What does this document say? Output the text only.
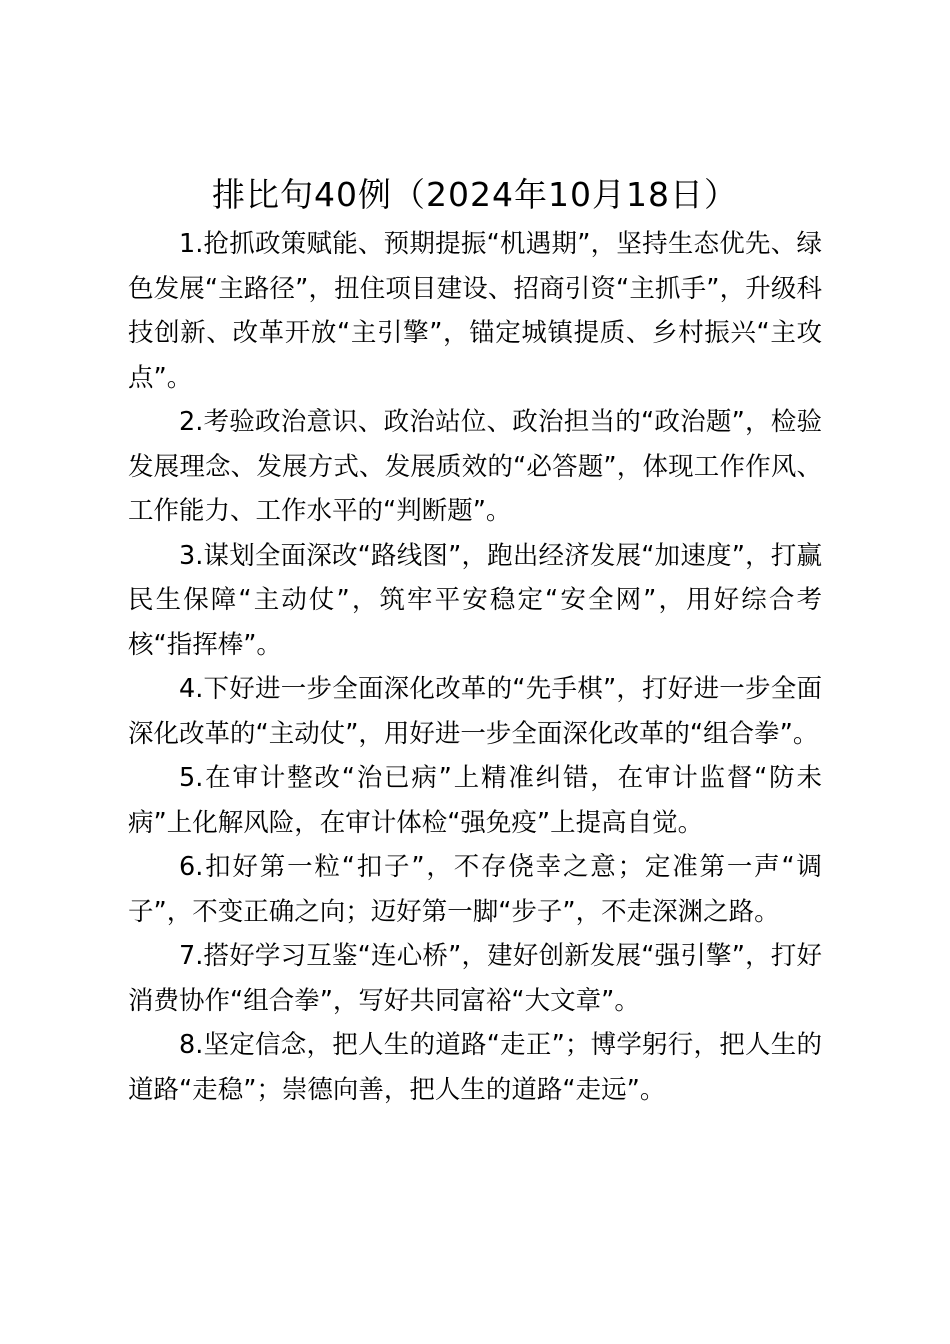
排比句40例（2024年10月18日）

1.抢抓政策赋能、预期提振“机遇期”，坚持生态优先、绿色发展“主路径”，扭住项目建设、招商引资“主抓手”，升级科技创新、改革开放“主引擎”，锚定城镇提质、乡村振兴“主攻点”。

2.考验政治意识、政治站位、政治担当的“政治题”，检验发展理念、发展方式、发展质效的“必答题”，体现工作作风、工作能力、工作水平的“判断题”。

3.谋划全面深改“路线图”，跑出经济发展“加速度”，打赢民生保障“主动仗”，筑牢平安稳定“安全网”，用好综合考核“指挥棒”。

4.下好进一步全面深化改革的“先手棋”，打好进一步全面深化改革的“主动仗”，用好进一步全面深化改革的“组合拳”。

5.在审计整改“治已病”上精准纠错，在审计监督“防未病”上化解风险，在审计体检“强免疫”上提高自觉。

6.扣好第一粒“扣子”，不存侥幸之意；定准第一声“调子”，不变正确之向；迈好第一脚“步子”，不走深渊之路。

7.搭好学习互鉴“连心桥”，建好创新发展“强引擎”，打好消费协作“组合拳”，写好共同富裕“大文章”。

8.坚定信念，把人生的道路“走正”；博学躬行，把人生的道路“走稳”；崇德向善，把人生的道路“走远”。
